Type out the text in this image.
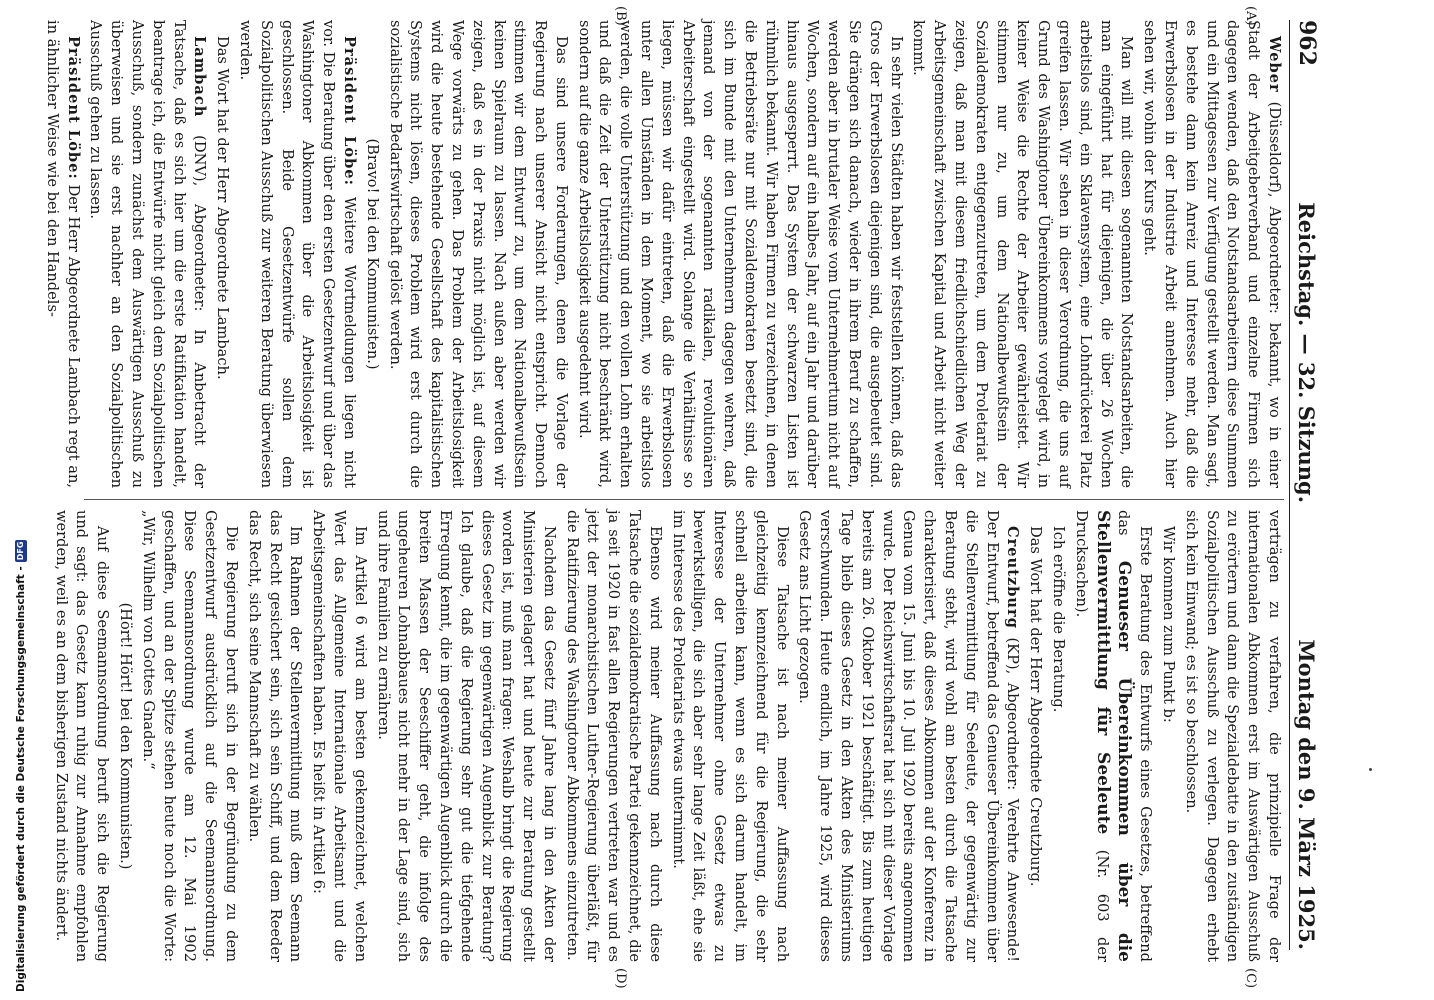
962
Reichstag. — 32. Sitzung.
Montag den 9. März 1925.
(A)
(B)
(C)
(D)

Weber (Düsseldorf), Abgeordneter: bekannt, wo in einer Stadt der Arbeitgeberverband und einzelne Firmen sich dagegen wenden, daß den Notstandsarbeitern diese Summen und ein Mittagessen zur Verfügung gestellt werden. Man sagt, es bestehe dann kein Anreiz und Interesse mehr, daß die Erwerbslosen in der Industrie Arbeit annehmen. Auch hier sehen wir, wohin der Kurs geht.

Man will mit diesen sogenannten Notstandsarbeiten, die man eingeführt hat für diejenigen, die über 26 Wochen arbeitslos sind, ein Sklavensystem, eine Lohndrückerei Platz greifen lassen. Wir sehen in dieser Verordnung, die uns auf Grund des Washingtoner Übereinkommens vorgelegt wird, in keiner Weise die Rechte der Arbeiter gewährleistet. Wir stimmen nur zu, um dem Nationalbewußtsein der Sozialdemokraten entgegenzutreten, um dem Proletariat zu zeigen, daß man mit diesem friedlichschiedlichen Weg der Arbeitsgemeinschaft zwischen Kapital und Arbeit nicht weiter kommt.

In sehr vielen Städten haben wir feststellen können, daß das Gros der Erwerbslosen diejenigen sind, die ausgebeutet sind. Sie drängen sich danach, wieder in ihrem Beruf zu schaffen, werden aber in brutaler Weise vom Unternehmertum nicht auf Wochen, sondern auf ein halbes Jahr, auf ein Jahr und darüber hinaus ausgesperrt. Das System der schwarzen Listen ist rühmlich bekannt. Wir haben Firmen zu verzeichnen, in denen die Betriebsräte nur mit Sozialdemokraten besetzt sind, die sich im Bunde mit den Unternehmern dagegen wehren, daß jemand von der sogenannten radikalen, revolutionären Arbeiterschaft eingestellt wird. Solange die Verhältnisse so liegen, müssen wir dafür eintreten, daß die Erwerbslosen unter allen Umständen in dem Moment, wo sie arbeitslos werden, die volle Unterstützung und den vollen Lohn erhalten und daß die Zeit der Unterstützung nicht beschränkt wird, sondern auf die ganze Arbeitslosigkeit ausgedehnt wird.

Das sind unsere Forderungen, denen die Vorlage der Regierung nach unserer Ansicht nicht entspricht. Dennoch stimmen wir dem Entwurf zu, um dem Nationalbewußtsein keinen Spielraum zu lassen. Nach außen aber werden wir zeigen, daß es in der Praxis nicht möglich ist, auf diesem Wege vorwärts zu gehen. Das Problem der Arbeitslosigkeit wird die heute bestehende Gesellschaft des kapitalistischen Systems nicht lösen, dieses Problem wird erst durch die sozialistische Bedarfswirtschaft gelöst werden.

(Bravo! bei den Kommunisten.)

Präsident Löbe: Weitere Wortmeldungen liegen nicht vor. Die Beratung über den ersten Gesetzentwurf und über das Washingtoner Abkommen über die Arbeitslosigkeit ist geschlossen. Beide Gesetzentwürfe sollen dem Sozialpolitischen Ausschuß zur weiteren Beratung überwiesen werden.

Das Wort hat der Herr Abgeordnete Lambach.

Lambach (DNV), Abgeordneter: In Anbetracht der Tatsache, daß es sich hier um die erste Ratifikation handelt, beantrage ich, die Entwürfe nicht gleich dem Sozialpolitischen Ausschuß, sondern zunächst dem Auswärtigen Ausschuß zu überweisen und sie erst nachher an den Sozialpolitischen Ausschuß gehen zu lassen.

Präsident Löbe: Der Herr Abgeordnete Lambach regt an, in ähnlicher Weise wie bei den Handels-

verträgen zu verfahren, die prinzipielle Frage der internationalen Abkommen erst im Auswärtigen Ausschuß zu erörtern und dann die Spezialdebatte in den zuständigen Sozialpolitischen Ausschuß zu verlegen. Dagegen erhebt sich kein Einwand; es ist so beschlossen.

Wir kommen zum Punkt b:

Erste Beratung des Entwurfs eines Gesetzes, betreffend das Genueser Übereinkommen über die Stellenvermittlung für Seeleute (Nr. 603 der Drucksachen).

Ich eröffne die Beratung.

Das Wort hat der Herr Abgeordnete Creutzburg.

Creutzburg (KP), Abgeordneter: Verehrte Anwesende! Der Entwurf, betreffend das Genueser Übereinkommen über die Stellenvermittlung für Seeleute, der gegenwärtig zur Beratung steht, wird wohl am besten durch die Tatsache charakterisiert, daß dieses Abkommen auf der Konferenz in Genua vom 15. Juni bis 10. Juli 1920 bereits angenommen wurde. Der Reichswirtschaftsrat hat sich mit dieser Vorlage bereits am 26. Oktober 1921 beschäftigt. Bis zum heutigen Tage blieb dieses Gesetz in den Akten des Ministeriums verschwunden. Heute endlich, im Jahre 1925, wird dieses Gesetz ans Licht gezogen.

Diese Tatsache ist nach meiner Auffassung nach gleichzeitig kennzeichnend für die Regierung, die sehr schnell arbeiten kann, wenn es sich darum handelt, im Interesse der Unternehmer ohne Gesetz etwas zu bewerkstelligen, die sich aber sehr lange Zeit läßt, ehe sie im Interesse des Proletariats etwas unternimmt.

Ebenso wird meiner Auffassung nach durch diese Tatsache die sozialdemokratische Partei gekennzeichnet, die ja seit 1920 in fast allen Regierungen vertreten war und es jetzt der monarchistischen Luther-Regierung überläßt, für die Ratifizierung des Washingtoner Abkommens einzutreten.

Nachdem das Gesetz fünf Jahre lang in den Akten der Ministerien gelagert hat und heute zur Beratung gestellt worden ist, muß man fragen: Weshalb bringt die Regierung dieses Gesetz im gegenwärtigen Augenblick zur Beratung? Ich glaube, daß die Regierung sehr gut die tiefgehende Erregung kennt, die im gegenwärtigen Augenblick durch die breiten Massen der Seeschiffer geht, die infolge des ungeheuren Lohnabbaues nicht mehr in der Lage sind, sich und ihre Familien zu ernähren.

Im Artikel 6 wird am besten gekennzeichnet, welchen Wert das Allgemeine Internationale Arbeitsamt und die Arbeitsgemeinschaften haben. Es heißt in Artikel 6:

Im Rahmen der Stellenvermittlung muß dem Seemann das Recht gesichert sein, sich sein Schiff, und dem Reeder das Recht, sich seine Mannschaft zu wählen.

Die Regierung beruft sich in der Begründung zu dem Gesetzentwurf ausdrücklich auf die Seemannsordnung. Diese Seemannsordnung wurde am 12. Mai 1902 geschaffen, und an der Spitze stehen heute noch die Worte: „Wir, Wilhelm von Gottes Gnaden.“

(Hört! Hört! bei den Kommunisten.)

Auf diese Seemannsordnung beruft sich die Regierung und sagt: das Gesetz kann ruhig zur Annahme empfohlen werden, weil es an dem bisherigen Zustand nichts ändert.

Digitalisierung gefördert durch die Deutsche Forschungsgemeinschaft -
DFG
